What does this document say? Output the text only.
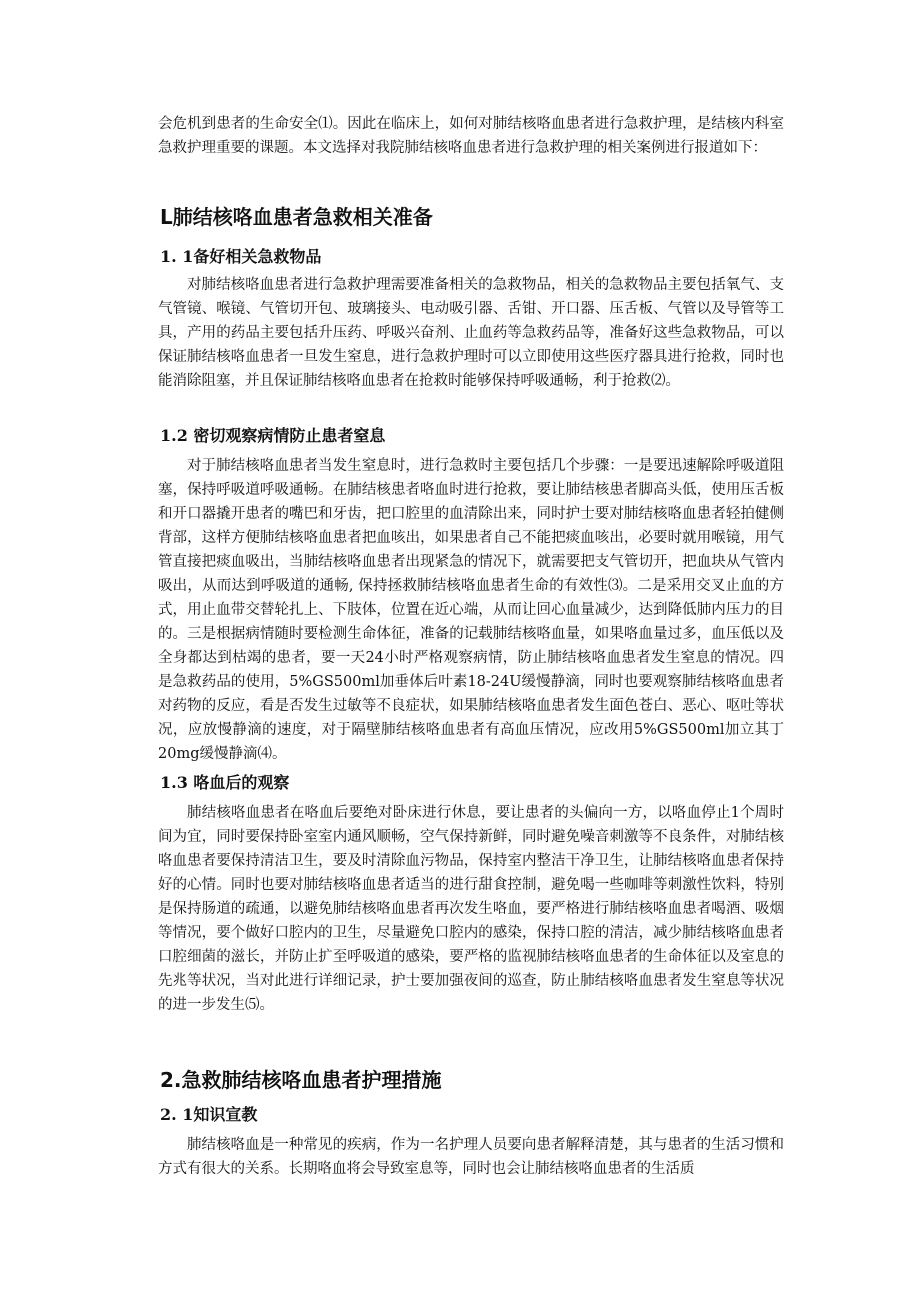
会危机到患者的生命安全⑴。因此在临床上，如何对肺结核咯血患者进行急救护理，是结核内科室急救护理重要的课题。本文选择对我院肺结核咯血患者进行急救护理的相关案例进行报道如下：

L肺结核咯血患者急救相关准备
1. 1备好相关急救物品

对肺结核咯血患者进行急救护理需要准备相关的急救物品，相关的急救物品主要包括氧气、支气管镜、喉镜、气管切开包、玻璃接头、电动吸引器、舌钳、开口器、压舌板、气管以及导管等工具，产用的药品主要包括升压药、呼吸兴奋剂、止血药等急救药品等，准备好这些急救物品，可以保证肺结核咯血患者一旦发生窒息，进行急救护理时可以立即使用这些医疗器具进行抢救，同时也能消除阻塞，并且保证肺结核咯血患者在抢救时能够保持呼吸通畅，利于抢救⑵。

1.2 密切观察病情防止患者窒息

对于肺结核咯血患者当发生窒息时，进行急救时主要包括几个步骤：一是要迅速解除呼吸道阻塞，保持呼吸道呼吸通畅。在肺结核患者咯血时进行抢救，要让肺结核患者脚高头低，使用压舌板和开口器撬开患者的嘴巴和牙齿，把口腔里的血清除出来，同时护士要对肺结核咯血患者轻拍健侧背部，这样方便肺结核咯血患者把血咳出，如果患者自己不能把痰血咳出，必要时就用喉镜，用气管直接把痰血吸出，当肺结核咯血患者出现紧急的情况下，就需要把支气管切开，把血块从气管内吸出，从而达到呼吸道的通畅, 保持拯救肺结核咯血患者生命的有效性⑶。二是采用交叉止血的方式，用止血带交替轮扎上、下肢体，位置在近心端，从而让回心血量减少，达到降低肺内压力的目的。三是根据病情随时要检测生命体征，准备的记载肺结核咯血量，如果咯血量过多，血压低以及全身都达到枯竭的患者，要一天24小时严格观察病情，防止肺结核咯血患者发生窒息的情况。四是急救药品的使用，5%GS500ml加垂体后叶素18-24U缓慢静滴，同时也要观察肺结核咯血患者对药物的反应，看是否发生过敏等不良症状，如果肺结核咯血患者发生面色苍白、恶心、呕吐等状况，应放慢静滴的速度，对于隔壁肺结核咯血患者有高血压情况，应改用5%GS500ml加立其丁20mg缓慢静滴⑷。

1.3 咯血后的观察

肺结核咯血患者在咯血后要绝对卧床进行休息，要让患者的头偏向一方，以咯血停止1个周时间为宜，同时要保持卧室室内通风顺畅，空气保持新鲜，同时避免噪音刺激等不良条件，对肺结核咯血患者要保持清洁卫生，要及时清除血污物品，保持室内整洁干净卫生，让肺结核咯血患者保持好的心情。同时也要对肺结核咯血患者适当的进行甜食控制，避免喝一些咖啡等刺激性饮料，特别是保持肠道的疏通，以避免肺结核咯血患者再次发生咯血，要严格进行肺结核咯血患者喝酒、吸烟等情况，要个做好口腔内的卫生，尽量避免口腔内的感染，保持口腔的清洁，减少肺结核咯血患者口腔细菌的滋长，并防止扩至呼吸道的感染，要严格的监视肺结核咯血患者的生命体征以及室息的先兆等状况，当对此进行详细记录，护士要加强夜间的巡查，防止肺结核咯血患者发生窒息等状况的进一步发生⑸。

2.急救肺结核咯血患者护理措施
2. 1知识宣教

肺结核咯血是一种常见的疾病，作为一名护理人员要向患者解释清楚，其与患者的生活习惯和方式有很大的关系。长期咯血将会导致室息等，同时也会让肺结核咯血患者的生活质
